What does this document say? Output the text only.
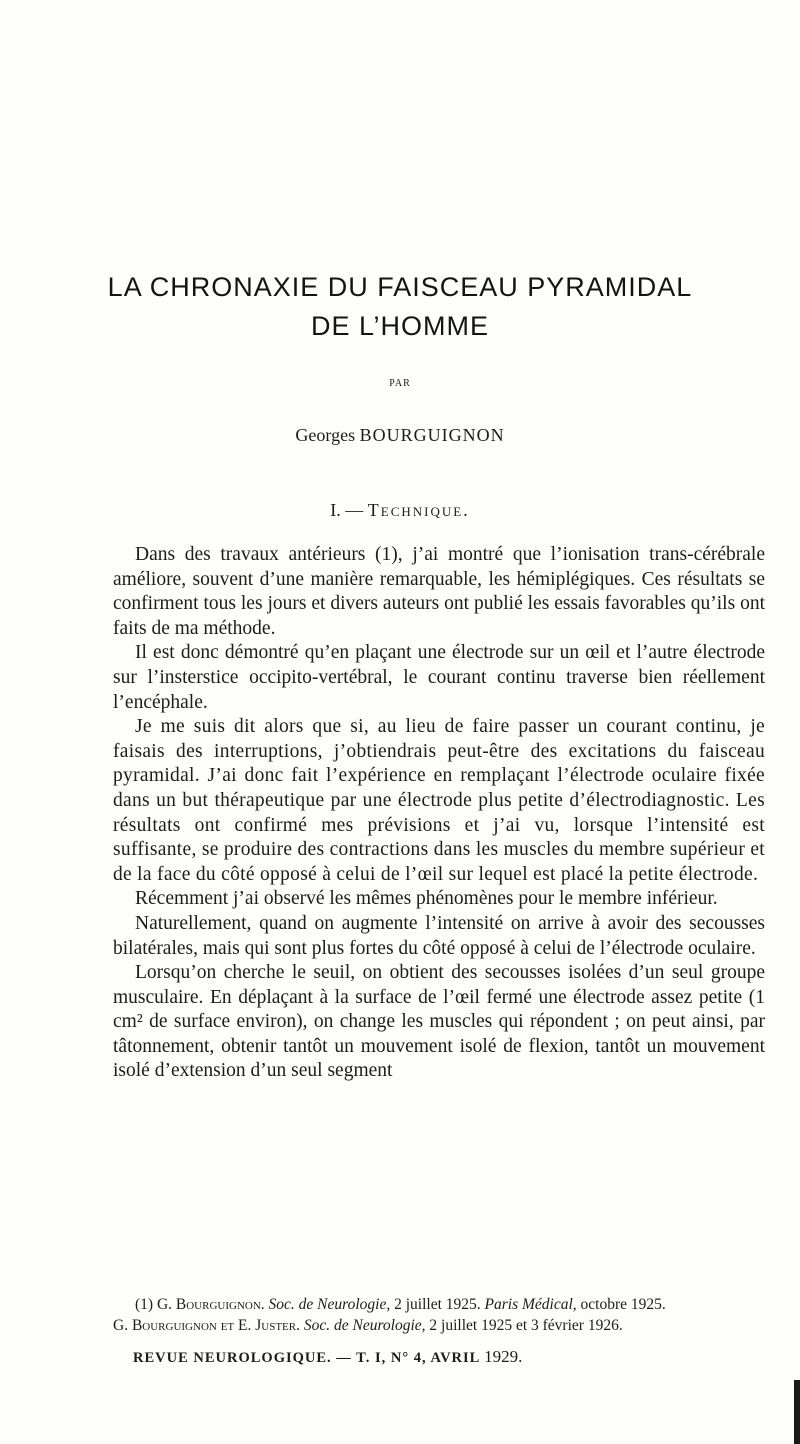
LA CHRONAXIE DU FAISCEAU PYRAMIDAL
DE L’HOMME
PAR
Georges BOURGUIGNON
I. — Technique.

Dans des travaux antérieurs (1), j’ai montré que l’ionisation trans-cérébrale améliore, souvent d’une manière remarquable, les hémiplégiques. Ces résultats se confirment tous les jours et divers auteurs ont publié les essais favorables qu’ils ont faits de ma méthode.

Il est donc démontré qu’en plaçant une électrode sur un œil et l’autre électrode sur l’insterstice occipito-vertébral, le courant continu traverse bien réellement l’encéphale.

Je me suis dit alors que si, au lieu de faire passer un courant continu, je faisais des interruptions, j’obtiendrais peut-être des excitations du faisceau pyramidal. J’ai donc fait l’expérience en remplaçant l’électrode oculaire fixée dans un but thérapeutique par une électrode plus petite d’électrodiagnostic. Les résultats ont confirmé mes prévisions et j’ai vu, lorsque l’intensité est suffisante, se produire des contractions dans les muscles du membre supérieur et de la face du côté opposé à celui de l’œil sur lequel est placé la petite électrode.

Récemment j’ai observé les mêmes phénomènes pour le membre inférieur.

Naturellement, quand on augmente l’intensité on arrive à avoir des secousses bilatérales, mais qui sont plus fortes du côté opposé à celui de l’électrode oculaire.

Lorsqu’on cherche le seuil, on obtient des secousses isolées d’un seul groupe musculaire. En déplaçant à la surface de l’œil fermé une électrode assez petite (1 cm² de surface environ), on change les muscles qui répondent ; on peut ainsi, par tâtonnement, obtenir tantôt un mouvement isolé de flexion, tantôt un mouvement isolé d’extension d’un seul segment

(1) G. Bourguignon. Soc. de Neurologie, 2 juillet 1925. Paris Médical, octobre 1925.
G. Bourguignon et E. Juster. Soc. de Neurologie, 2 juillet 1925 et 3 février 1926.
REVUE NEUROLOGIQUE. — T. I, N° 4, AVRIL 1929.
